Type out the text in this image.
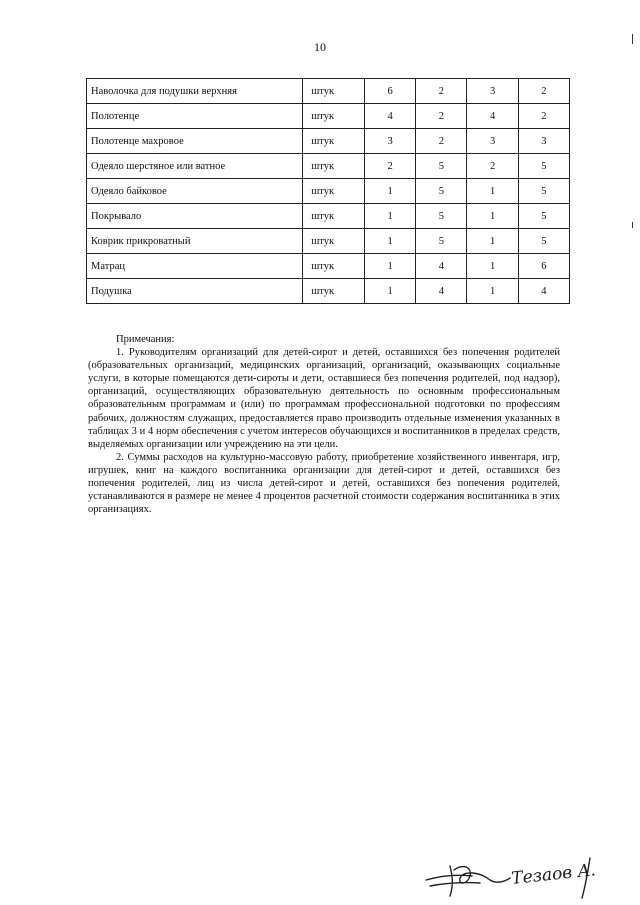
10
Наволочка для подушки верхняя	штук	6	2	3	2
Полотенце	штук	4	2	4	2
Полотенце махровое	штук	3	2	3	3
Одеяло шерстяное или ватное	штук	2	5	2	5
Одеяло байковое	штук	1	5	1	5
Покрывало	штук	1	5	1	5
Коврик прикроватный	штук	1	5	1	5
Матрац	штук	1	4	1	6
Подушка	штук	1	4	1	4

Примечания:

1. Руководителям организаций для детей-сирот и детей, оставшихся без попечения родителей (образовательных организаций, медицинских организаций, организаций, оказывающих социальные услуги, в которые помещаются дети-сироты и дети, оставшиеся без попечения родителей, под надзор), организаций, осуществляющих образовательную деятельность по основным профессиональным образовательным программам и (или) по программам профессиональной подготовки по профессиям рабочих, должностям служащих, предоставляется право производить отдельные изменения указанных в таблицах 3 и 4 норм обеспечения с учетом интересов обучающихся и воспитанников в пределах средств, выделяемых организации или учреждению на эти цели.

2. Суммы расходов на культурно-массовую работу, приобретение хозяйственного инвентаря, игр, игрушек, книг на каждого воспитанника организации для детей-сирот и детей, оставшихся без попечения родителей, лиц из числа детей-сирот и детей, оставшихся без попечения родителей, устанавливаются в размере не менее 4 процентов расчетной стоимости содержания воспитанника в этих организациях.

Тезаов А.
